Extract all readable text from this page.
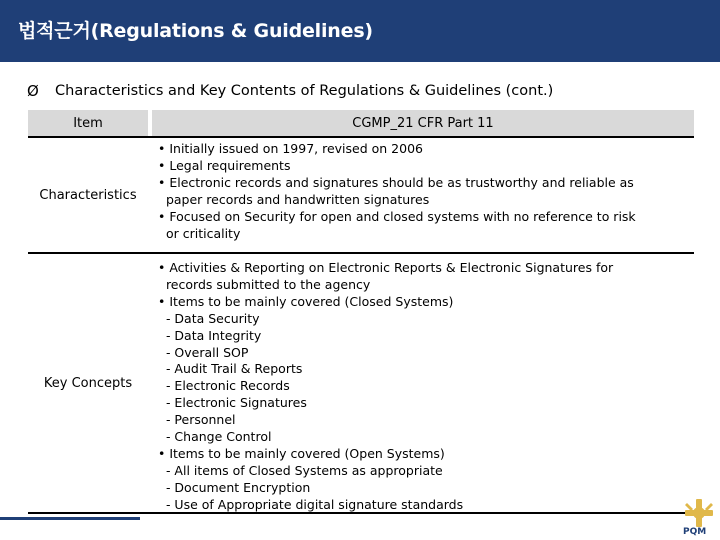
법적근거(Regulations & Guidelines)
Ø	Characteristics and Key Contents of Regulations & Guidelines (cont.)
Item	CGMP_21 CFR Part 11
Characteristics
• Initially issued on 1997, revised on 2006
• Legal requirements
• Electronic records and signatures should be as trustworthy and reliable as
paper records and handwritten signatures
• Focused on Security for open and closed systems with no reference to risk
or criticality
Key Concepts
• Activities & Reporting on Electronic Reports & Electronic Signatures for
records submitted to the agency
• Items to be mainly covered (Closed Systems)
- Data Security
- Data Integrity
- Overall SOP
- Audit Trail & Reports
- Electronic Records
- Electronic Signatures
- Personnel
- Change Control
• Items to be mainly covered (Open Systems)
- All items of Closed Systems as appropriate
- Document Encryption
- Use of Appropriate digital signature standards
PQM
